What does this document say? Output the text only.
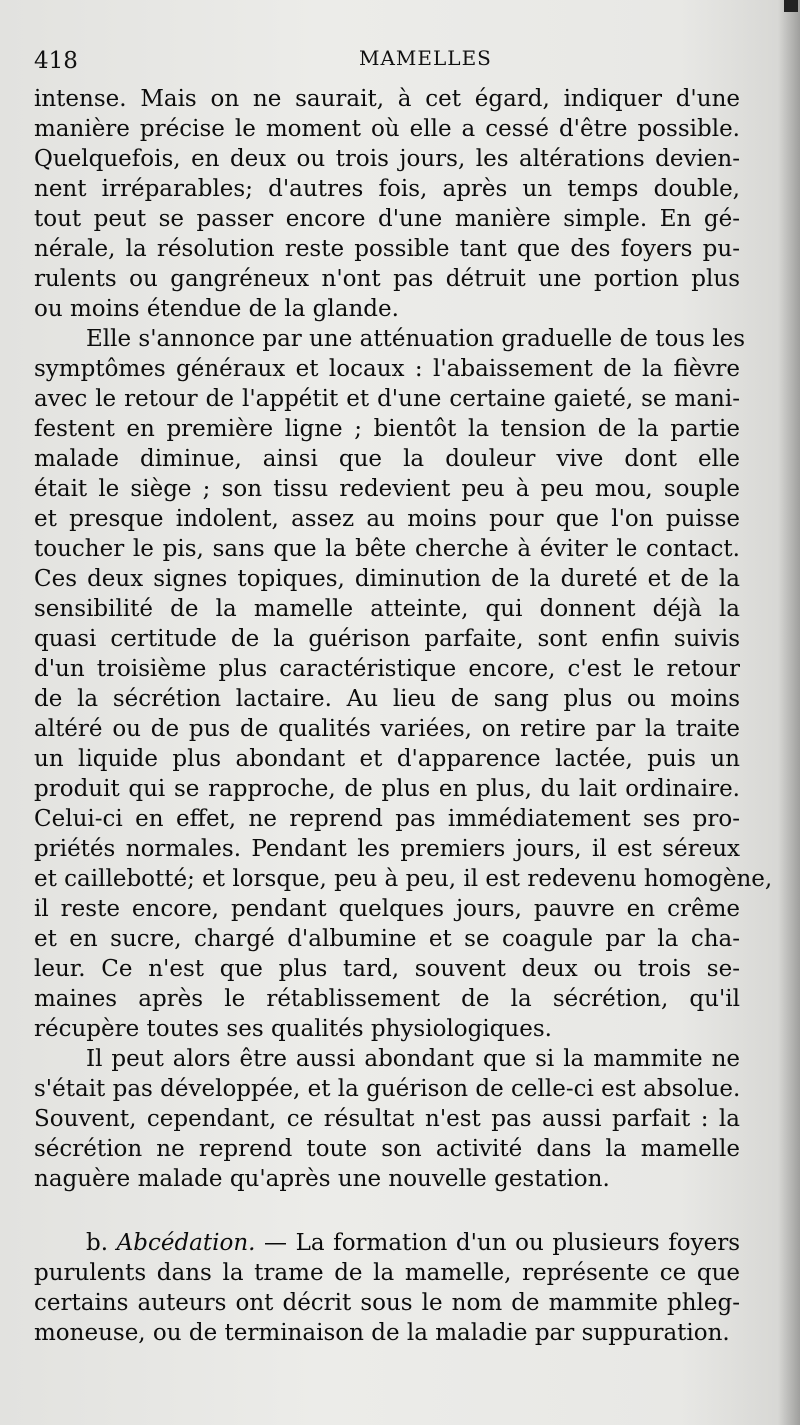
418	MAMELLES
intense. Mais on ne saurait, à cet égard, indiquer d'une
manière précise le moment où elle a cessé d'être possible.
Quelquefois, en deux ou trois jours, les altérations devien-
nent irréparables; d'autres fois, après un temps double,
tout peut se passer encore d'une manière simple. En gé-
nérale, la résolution reste possible tant que des foyers pu-
rulents ou gangréneux n'ont pas détruit une portion plus
ou moins étendue de la glande.
Elle s'annonce par une atténuation graduelle de tous les
symptômes généraux et locaux : l'abaissement de la fièvre
avec le retour de l'appétit et d'une certaine gaieté, se mani-
festent en première ligne ; bientôt la tension de la partie
malade diminue, ainsi que la douleur vive dont elle
était le siège ; son tissu redevient peu à peu mou, souple
et presque indolent, assez au moins pour que l'on puisse
toucher le pis, sans que la bête cherche à éviter le contact.
Ces deux signes topiques, diminution de la dureté et de la
sensibilité de la mamelle atteinte, qui donnent déjà la
quasi certitude de la guérison parfaite, sont enfin suivis
d'un troisième plus caractéristique encore, c'est le retour
de la sécrétion lactaire. Au lieu de sang plus ou moins
altéré ou de pus de qualités variées, on retire par la traite
un liquide plus abondant et d'apparence lactée, puis un
produit qui se rapproche, de plus en plus, du lait ordinaire.
Celui-ci en effet, ne reprend pas immédiatement ses pro-
priétés normales. Pendant les premiers jours, il est séreux
et caillebotté; et lorsque, peu à peu, il est redevenu homogène,
il reste encore, pendant quelques jours, pauvre en crême
et en sucre, chargé d'albumine et se coagule par la cha-
leur. Ce n'est que plus tard, souvent deux ou trois se-
maines après le rétablissement de la sécrétion, qu'il
récupère toutes ses qualités physiologiques.
Il peut alors être aussi abondant que si la mammite ne
s'était pas développée, et la guérison de celle-ci est absolue.
Souvent, cependant, ce résultat n'est pas aussi parfait : la
sécrétion ne reprend toute son activité dans la mamelle
naguère malade qu'après une nouvelle gestation.
b. Abcédation. — La formation d'un ou plusieurs foyers
purulents dans la trame de la mamelle, représente ce que
certains auteurs ont décrit sous le nom de mammite phleg-
moneuse, ou de terminaison de la maladie par suppuration.
